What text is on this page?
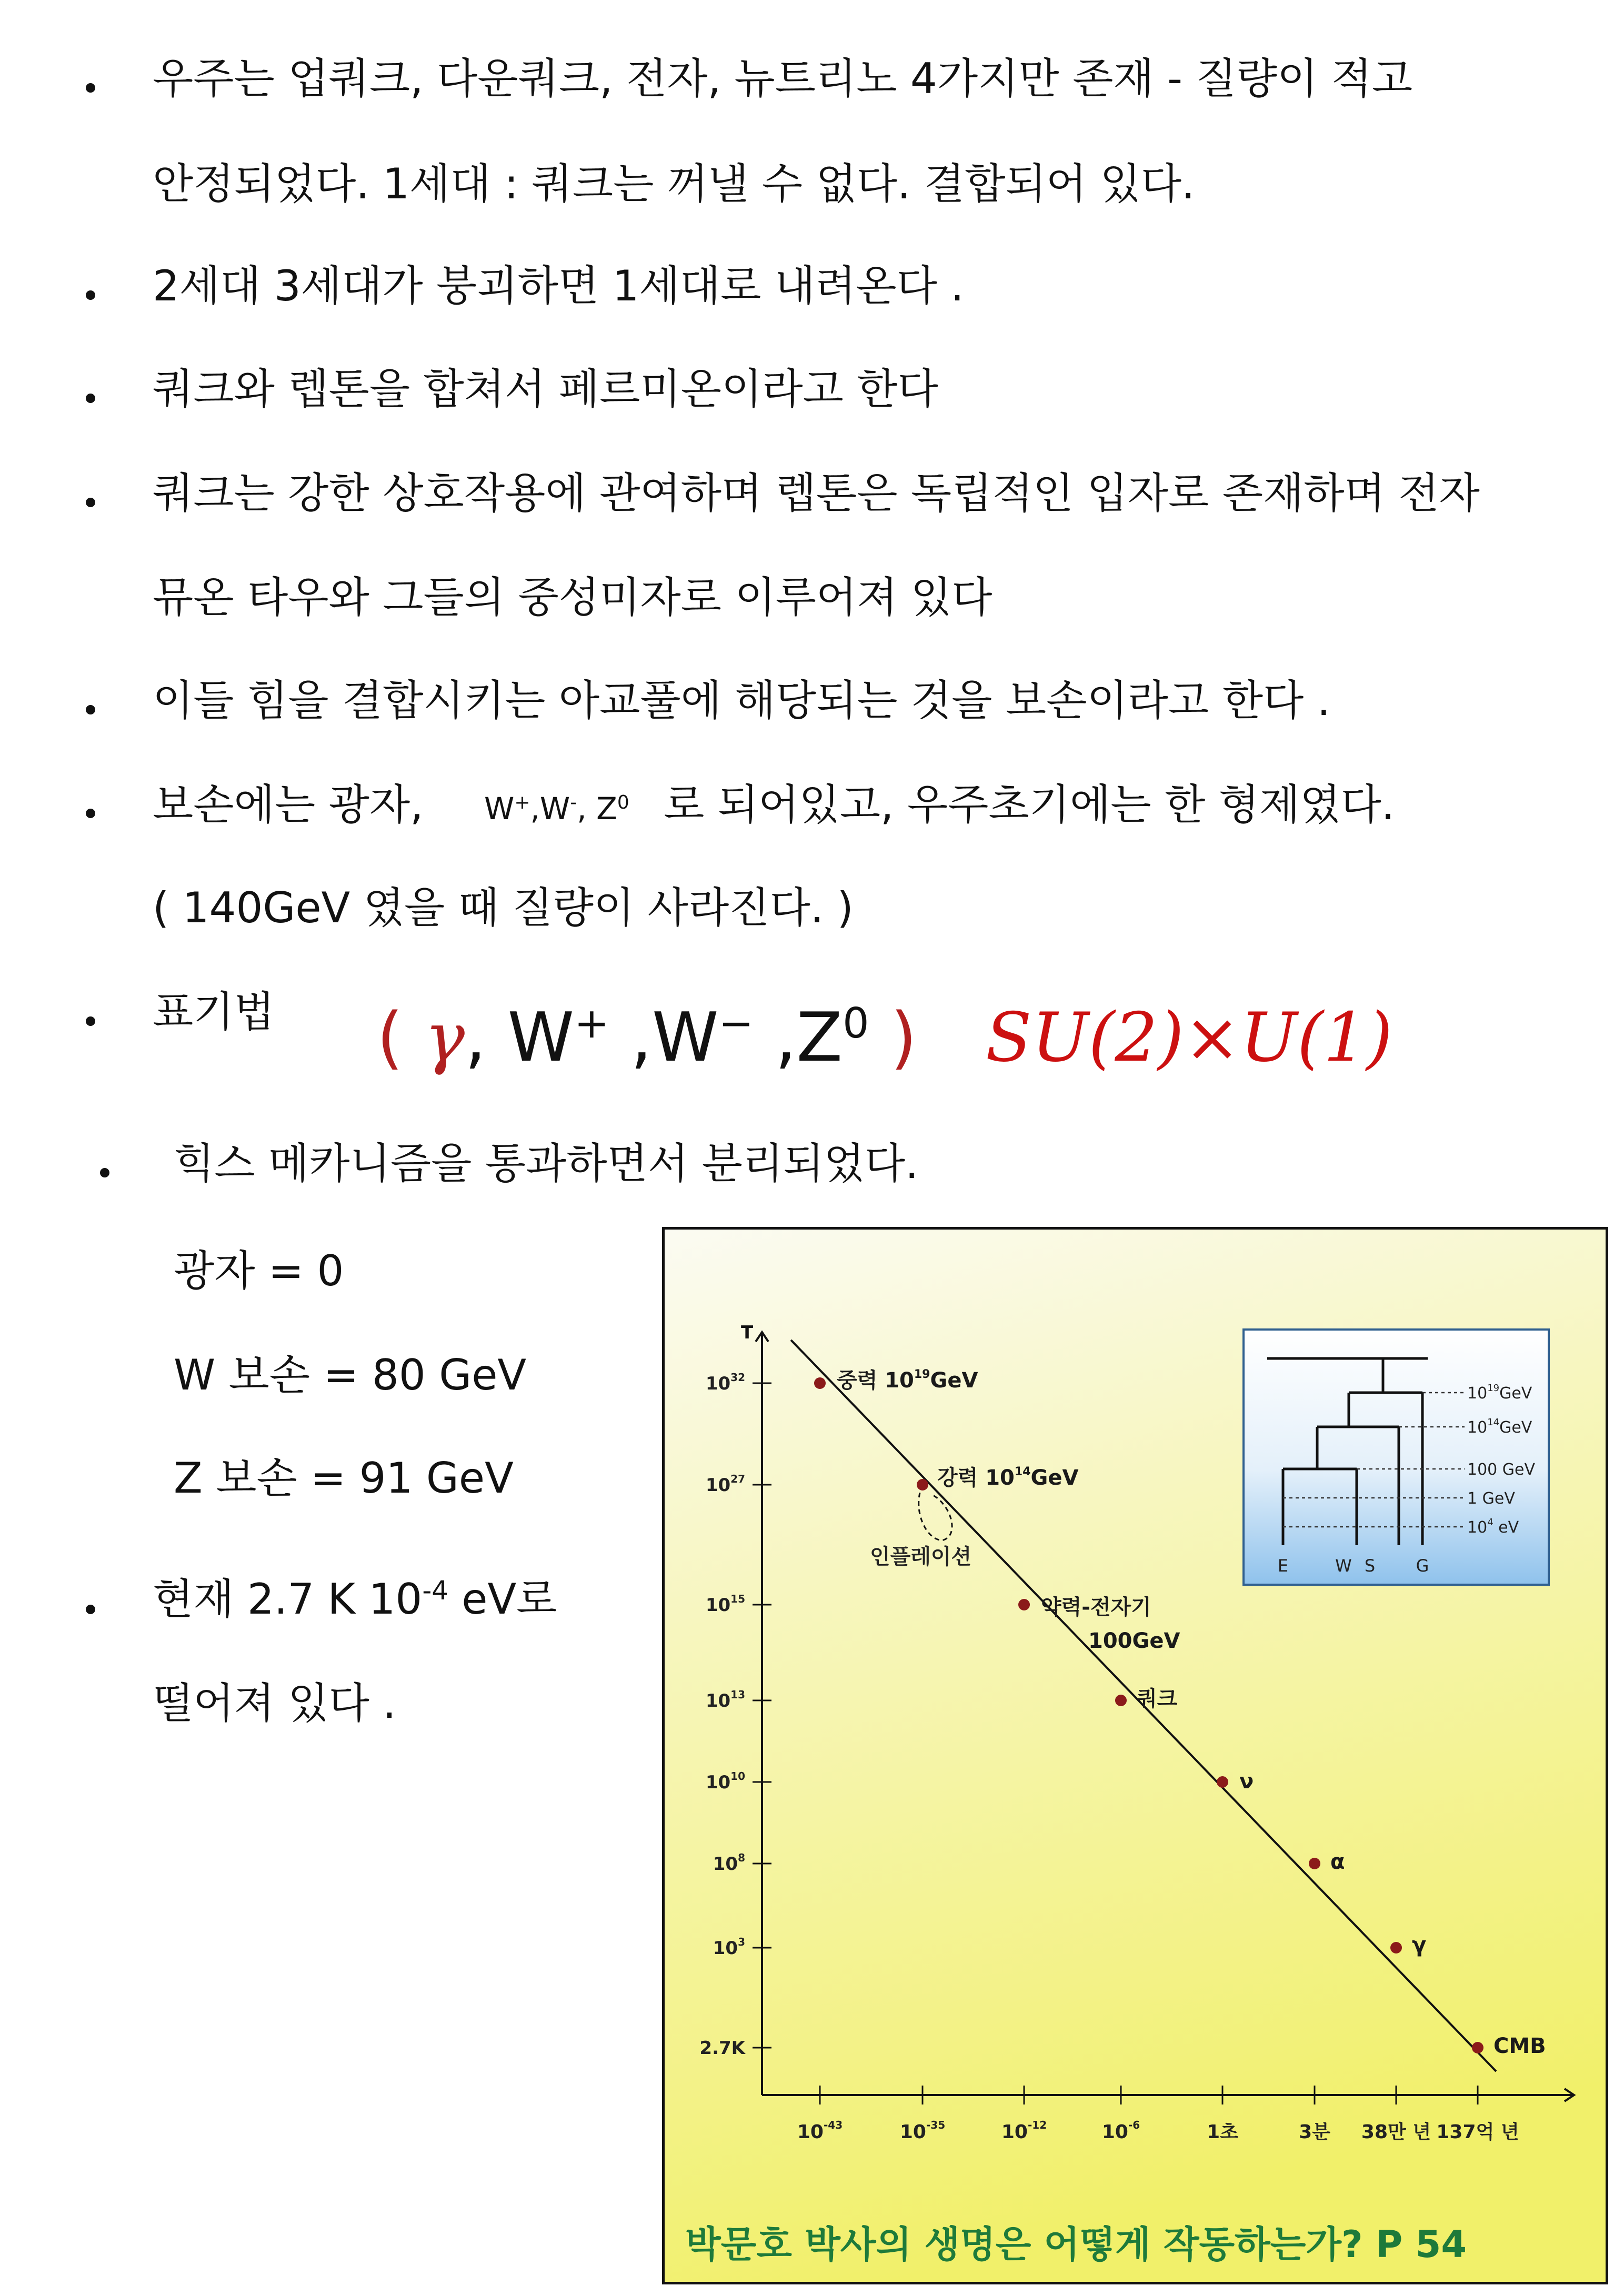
우주는 업쿼크, 다운쿼크, 전자, 뉴트리노 4가지만 존재 - 질량이 적고
안정되었다. 1세대 : 쿼크는 꺼낼 수 없다. 결합되어 있다.
2세대 3세대가 붕괴하면 1세대로 내려온다 .
쿼크와 렙톤을 합쳐서 페르미온이라고 한다
쿼크는 강한 상호작용에 관여하며 렙톤은 독립적인 입자로 존재하며 전자
뮤온 타우와 그들의 중성미자로 이루어져 있다
이들 힘을 결합시키는 아교풀에 해당되는 것을 보손이라고 한다 .
보손에는 광자, W+,W-, $Z^0$ 로 되어있고, 우주초기에는 한 형제였다.
( 140GeV 였을 때 질량이 사라진다. )
표기법 ( γ, W+ ,W− $,Z^0$ ) SU(2)×U(1)
힉스 메카니즘을 통과하면서 분리되었다.
광자 = 0
W 보손 = 80 GeV
Z 보손 = 91 GeV
현재 2.7 K $10^{-4}$ eV로
떨어져 있다 .
T
$10^{32}$
$10^{27}$
$10^{15}$
$10^{13}$
$10^{10}$
$10^8$
$10^3$
2.7K
$10^{-43}$	$10^{-35}$	$10^{-12}$	$10^{-6}$	1초	3분 38만 년 137억 년
인플레이션
중력 $10^{19}GeV$
강력 $10^{14}GeV$
약력-전자기
100GeV
쿼크
ν
α
γ
CMB
$10^{19}GeV$
$10^{14}GeV$
100 GeV
1 GeV
$10^4$ eV
E	W S G
박문호 박사의 생명은 어떻게 작동하는가? P 54
